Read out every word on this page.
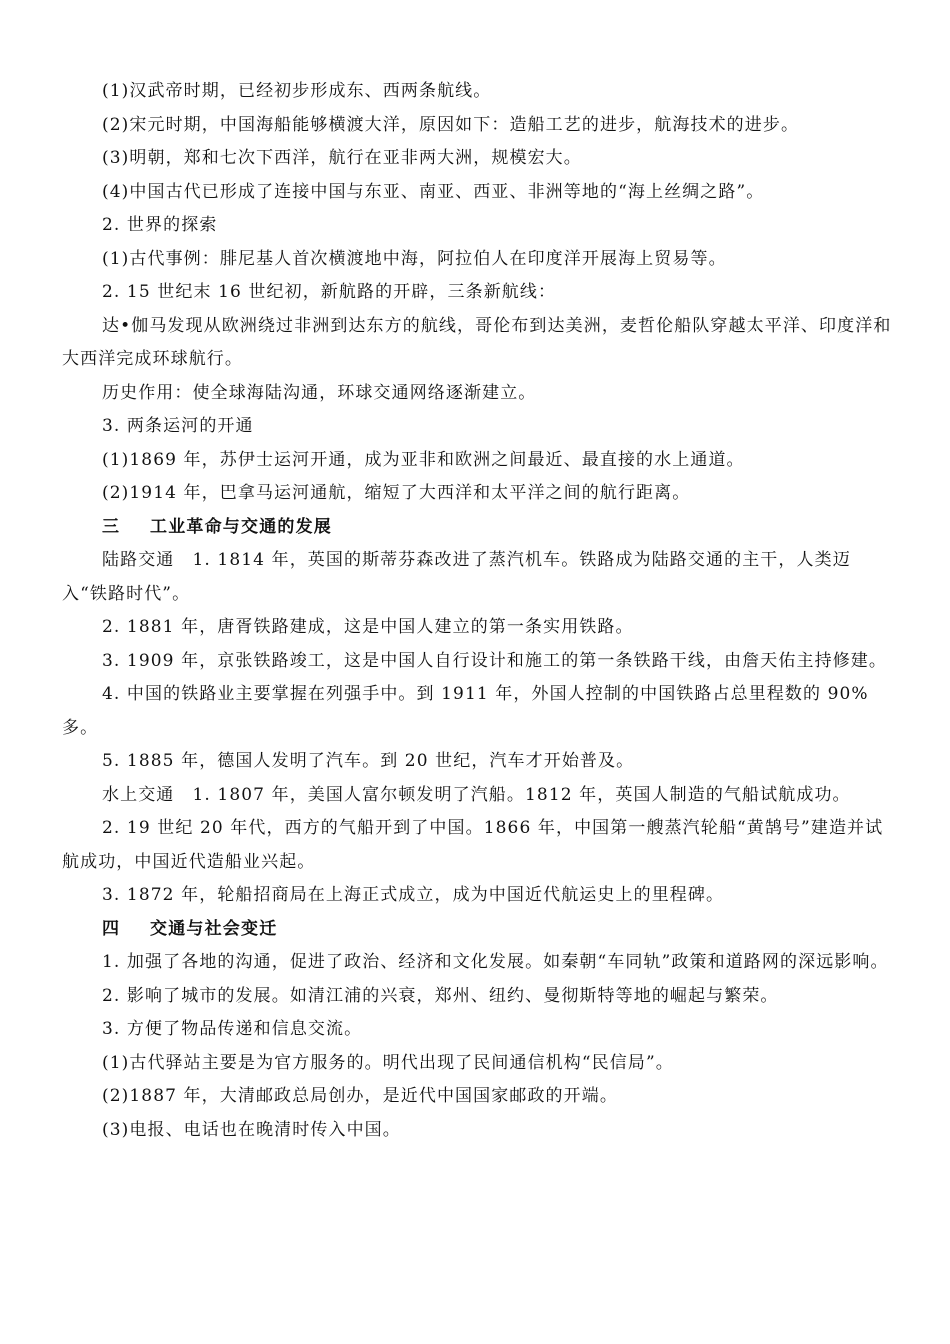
(1)汉武帝时期，已经初步形成东、西两条航线。
(2)宋元时期，中国海船能够横渡大洋，原因如下：造船工艺的进步，航海技术的进步。
(3)明朝，郑和七次下西洋，航行在亚非两大洲，规模宏大。
(4)中国古代已形成了连接中国与东亚、南亚、西亚、非洲等地的“海上丝绸之路”。
2. 世界的探索
(1)古代事例：腓尼基人首次横渡地中海，阿拉伯人在印度洋开展海上贸易等。
2. 15 世纪末 16 世纪初，新航路的开辟，三条新航线：
达•伽马发现从欧洲绕过非洲到达东方的航线，哥伦布到达美洲，麦哲伦船队穿越太平洋、印度洋和大西洋完成环球航行。
历史作用：使全球海陆沟通，环球交通网络逐渐建立。
3. 两条运河的开通
(1)1869 年，苏伊士运河开通，成为亚非和欧洲之间最近、最直接的水上通道。
(2)1914 年，巴拿马运河通航，缩短了大西洋和太平洋之间的航行距离。
三 工业革命与交通的发展
陆路交通　1. 1814 年，英国的斯蒂芬森改进了蒸汽机车。铁路成为陆路交通的主干，人类迈入“铁路时代”。
2. 1881 年，唐胥铁路建成，这是中国人建立的第一条实用铁路。
3. 1909 年，京张铁路竣工，这是中国人自行设计和施工的第一条铁路干线，由詹天佑主持修建。
4. 中国的铁路业主要掌握在列强手中。到 1911 年，外国人控制的中国铁路占总里程数的 90%多。
5. 1885 年，德国人发明了汽车。到 20 世纪，汽车才开始普及。
水上交通　1. 1807 年，美国人富尔顿发明了汽船。1812 年，英国人制造的气船试航成功。
2. 19 世纪 20 年代，西方的气船开到了中国。1866 年，中国第一艘蒸汽轮船“黄鹄号”建造并试航成功，中国近代造船业兴起。
3. 1872 年，轮船招商局在上海正式成立，成为中国近代航运史上的里程碑。
四 交通与社会变迁
1. 加强了各地的沟通，促进了政治、经济和文化发展。如秦朝“车同轨”政策和道路网的深远影响。
2. 影响了城市的发展。如清江浦的兴衰，郑州、纽约、曼彻斯特等地的崛起与繁荣。
3. 方便了物品传递和信息交流。
(1)古代驿站主要是为官方服务的。明代出现了民间通信机构“民信局”。
(2)1887 年，大清邮政总局创办，是近代中国国家邮政的开端。
(3)电报、电话也在晚清时传入中国。
